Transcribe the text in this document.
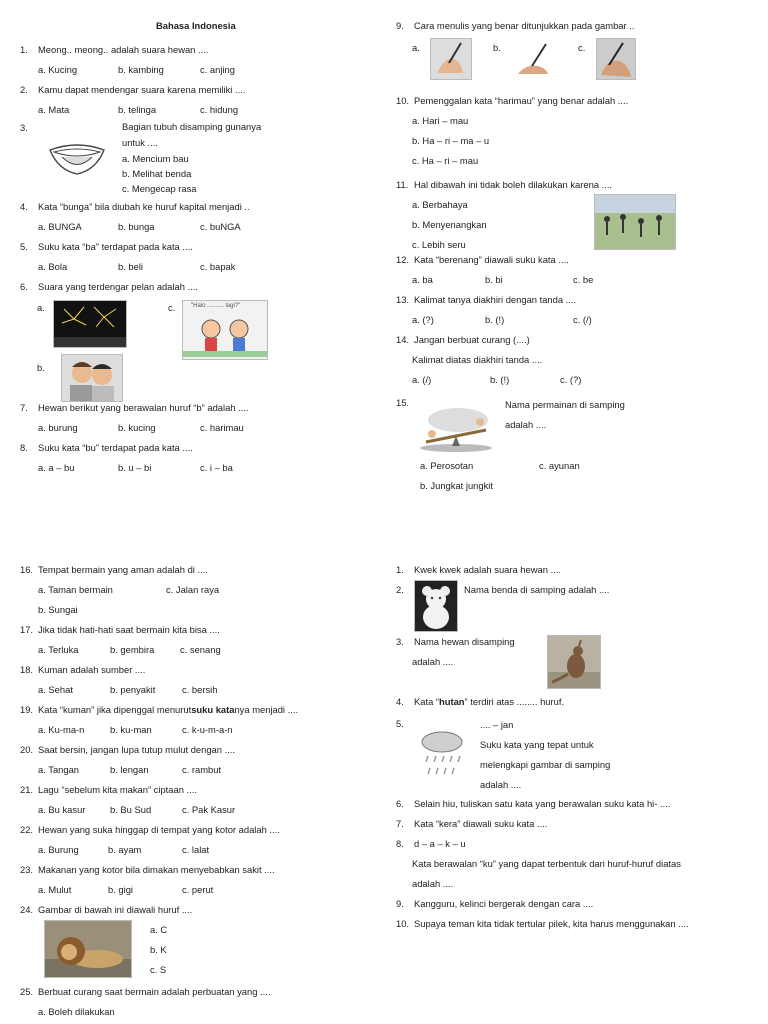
Bahasa Indonesia
1.	Meong.. meong.. adalah suara hewan ....
a. Kucing	b. kambing	c. anjing
2.	Kamu dapat mendengar suara karena memiliki ....
a. Mata	b. telinga	c. hidung
3.	Bagian tubuh disamping gunanya
untuk ....
a. Mencium bau
b. Melihat benda
c. Mengecap rasa
4.	Kata “bunga” bila diubah ke huruf kapital menjadi ..
a. BUNGA	b. bunga	c. buNGA
5.	Suku kata “ba” terdapat pada kata ....
a. Bola	b. beli	c. bapak
6.	Suara yang terdengar pelan adalah ....
a.	c.	"Halo .......... lagi?"
b.
7.	Hewan berikut yang berawalan huruf “b” adalah ....
a. burung	b. kucing	c. harimau
8.	Suku kata “bu” terdapat pada kata ....
a. a – bu	b. u – bi	c. i – ba
9. Cara menulis yang benar ditunjukkan pada gambar ..
a.	b.	c.
10. Pemenggalan kata “harimau” yang benar adalah ....
a. Hari – mau
b. Ha – ri – ma – u
c. Ha – ri – mau
11. Hal dibawah ini tidak boleh dilakukan karena ....
a. Berbahaya
b. Menyenangkan
c. Lebih seru
12. Kata “berenang” diawali suku kata ....
a. ba	b. bi	c. be
13. Kalimat tanya diakhiri dengan tanda ....
a. (?)	b. (!)	c. (/)
14. Jangan berbuat curang (....)
Kalimat diatas diakhiri tanda ....
a. (/)	b. (!)	c. (?)
15.	Nama permainan di samping
adalah ....
a. Perosotan	c. ayunan
b. Jungkat jungkit
16. Tempat bermain yang aman adalah di ....
a. Taman bermain	c. Jalan raya
b. Sungai
17. Jika tidak hati-hati saat bermain kita bisa ....
a. Terluka	b. gembira	c. senang
18. Kuman adalah sumber ....
a. Sehat	b. penyakit	c. bersih
19. Kata “kuman” jika dipenggal menurut suku kata nya menjadi ....
a. Ku-ma-n	b. ku-man	c. k-u-m-a-n
20. Saat bersin, jangan lupa tutup mulut dengan ....
a. Tangan	b. lengan	c. rambut
21. Lagu “sebelum kita makan” ciptaan ....
a. Bu kasur	b. Bu Sud	c. Pak Kasur
22. Hewan yang suka hinggap di tempat yang kotor adalah ....
a. Burung	b. ayam	c. lalat
23. Makanan yang kotor bila dimakan menyebabkan sakit ....
a. Mulut	b. gigi	c. perut
24. Gambar di bawah ini diawali huruf ....
a. C
b. K
c. S
25. Berbuat curang saat bermain adalah perbuatan yang ....
a. Boleh dilakukan
1.	Kwek kwek adalah suara hewan ....
2.	Nama benda di samping adalah ....
3. Nama hewan disamping
adalah ....
4. Kata “hutan” terdiri atas ........ huruf.
5.	.... – jan
Suku kata yang tepat untuk
melengkapi gambar di samping
adalah ....
6.	Selain hiu, tuliskan satu kata yang berawalan suku kata hi- ....
7.	Kata “kera” diawali suku kata ....
8.	d – a – k – u
Kata berawalan “ku” yang dapat terbentuk dari huruf-huruf diatas
adalah ....
9.	Kangguru, kelinci bergerak dengan cara ....
10. Supaya teman kita tidak tertular pilek, kita harus menggunakan ....
